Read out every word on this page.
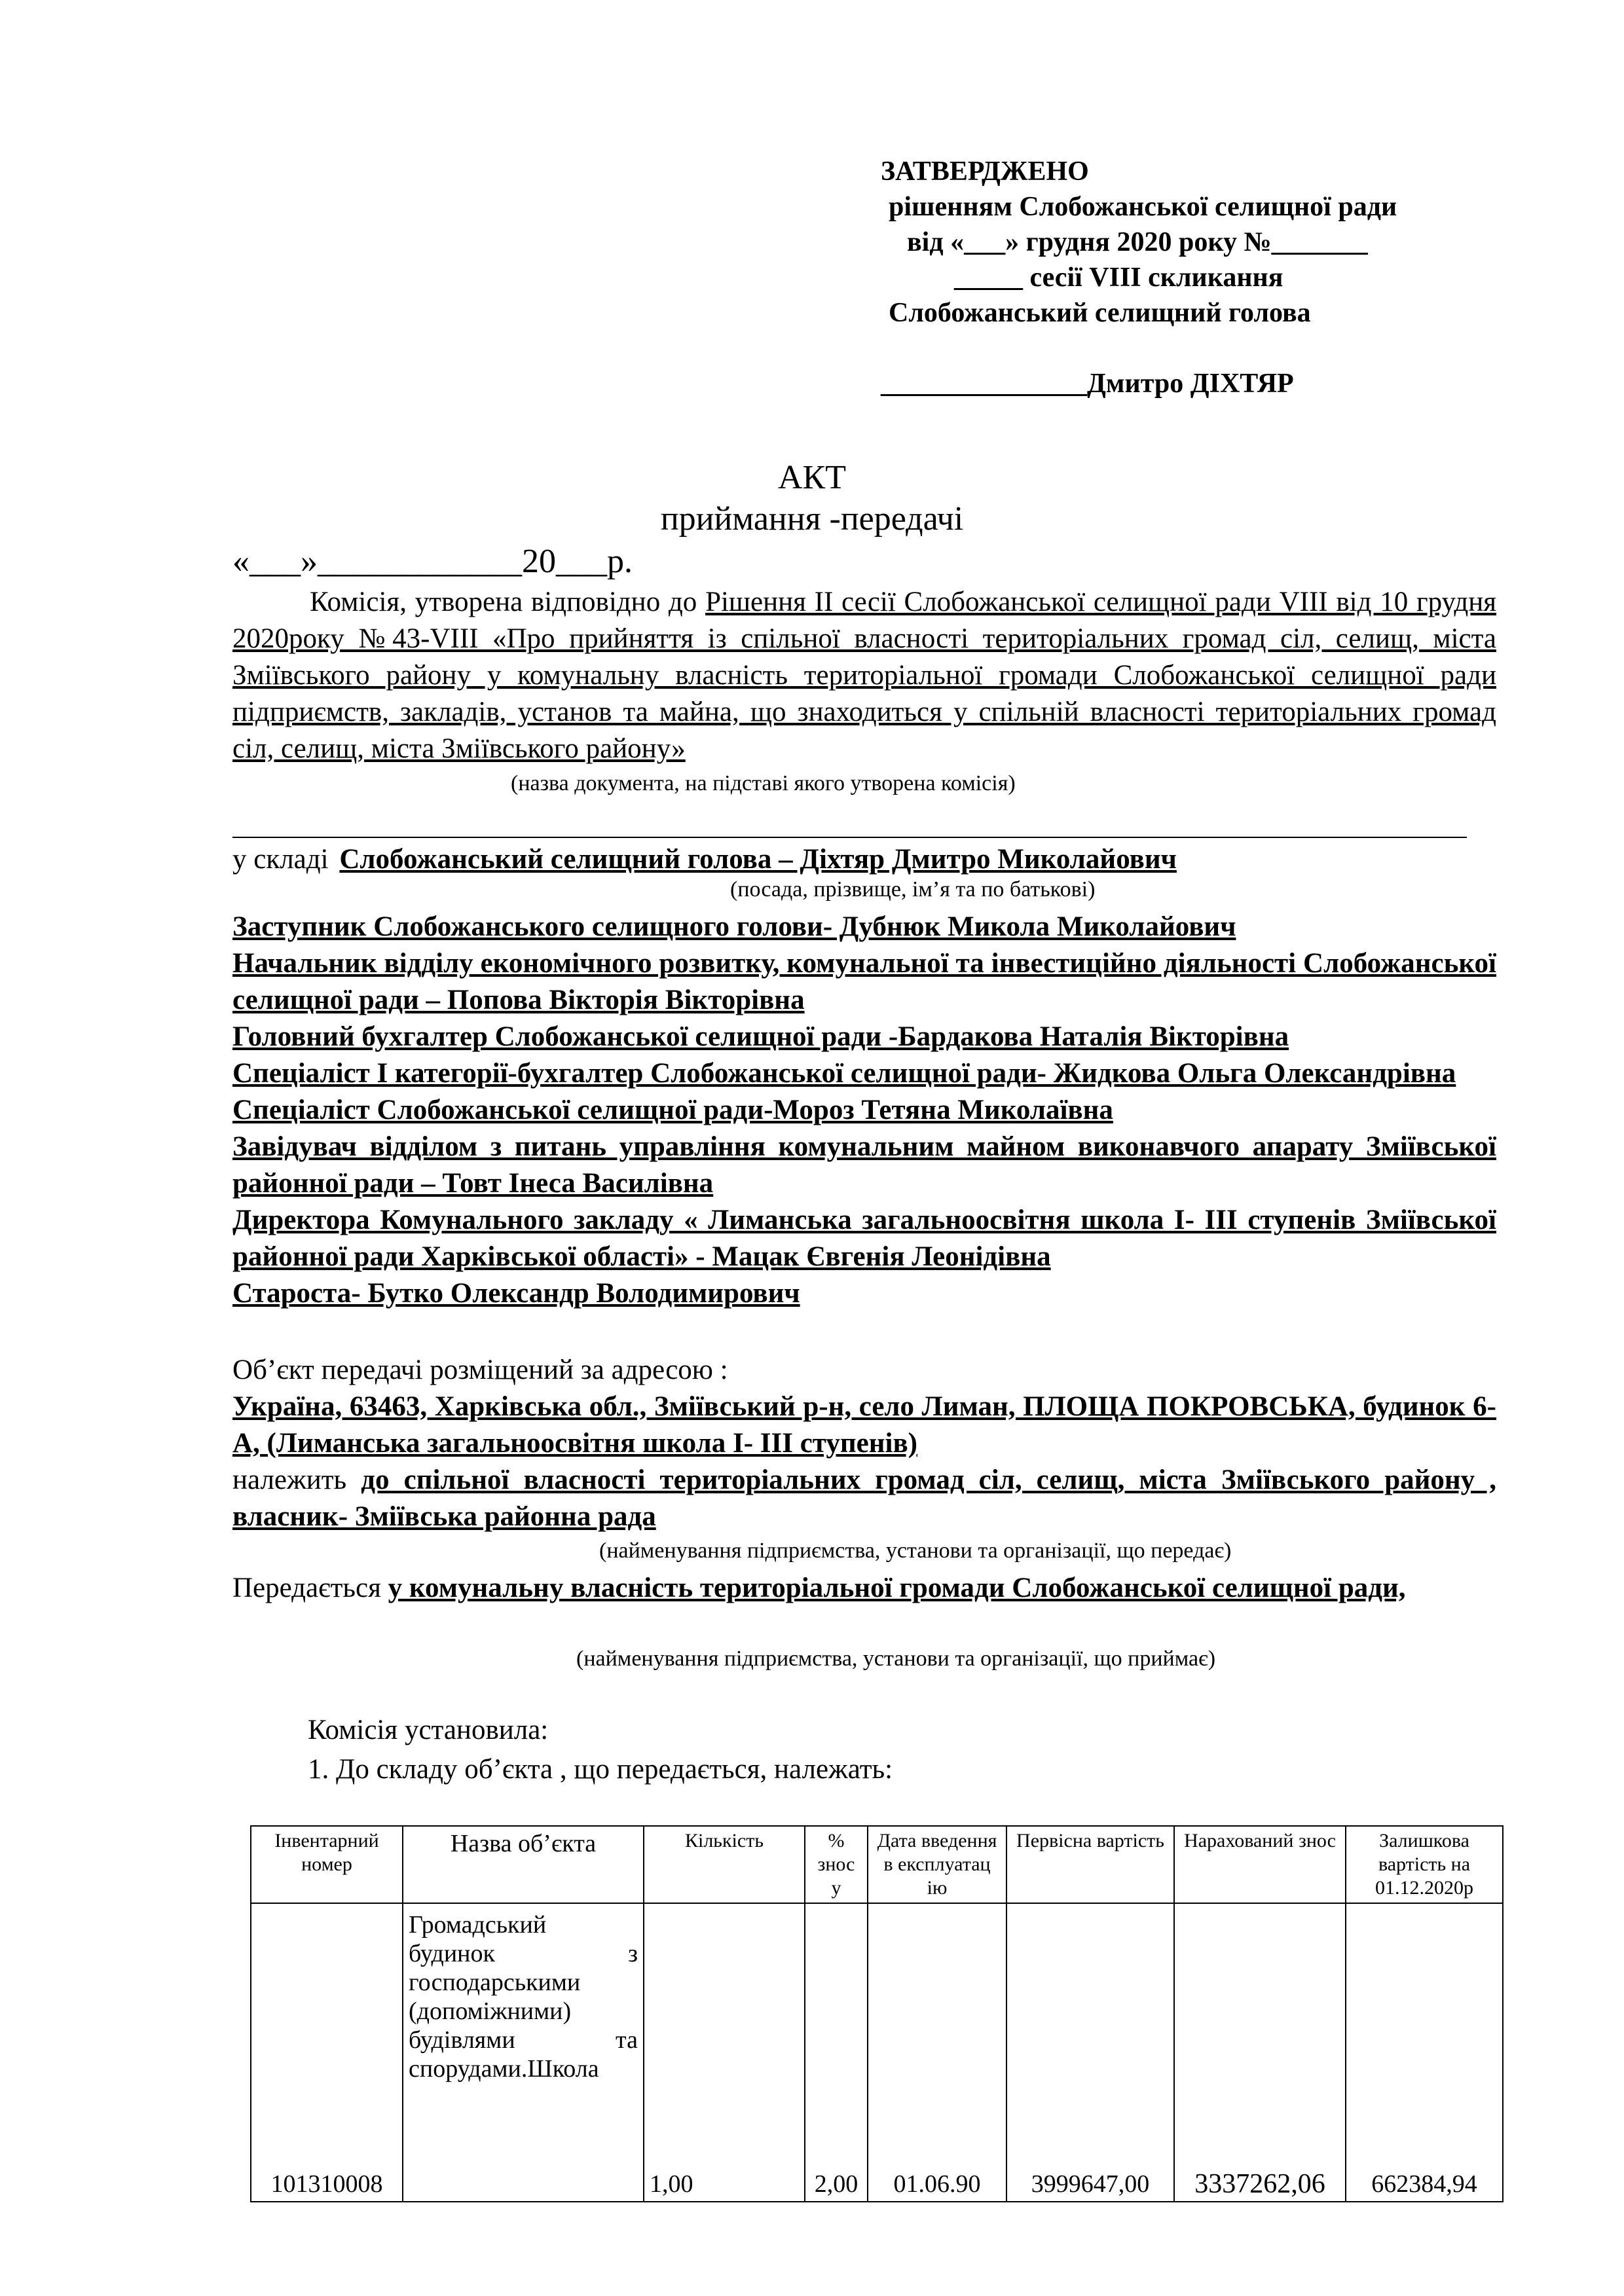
ЗАТВЕРДЖЕНО
рішенням Слобожанської селищної ради
від «___» грудня 2020 року №_______
_____ сесії VIII скликання
Слобожанський селищний голова
_______________Дмитро ДІХТЯР
АКТ
приймання -передачі
«___»____________20___р.
Комісія, утворена відповідно до Рішення II сесії Слобожанської селищної ради VIII від 10 грудня 2020року №43-VIII «Про прийняття із спільної власності територіальних громад сіл, селищ, міста Зміївського району у комунальну власність територіальної громади Слобожанської селищної ради підприємств, закладів, установ та майна, що знаходиться у спільній власності територіальних громад сіл, селищ, міста Зміївського району»
(назва документа, на підставі якого утворена комісія)
у складі Слобожанський селищний голова – Діхтяр Дмитро Миколайович
(посада, прізвище, ім’я та по батькові)
Заступник Слобожанського селищного голови- Дубнюк Микола Миколайович
Начальник відділу економічного розвитку, комунальної та інвестиційно діяльності Слобожанської селищної ради – Попова Вікторія Вікторівна
Головний бухгалтер Слобожанської селищної ради -Бардакова Наталія Вікторівна
Спеціаліст І категорії-бухгалтер Слобожанської селищної ради- Жидкова Ольга Олександрівна
Спеціаліст Слобожанської селищної ради-Мороз Тетяна Миколаївна
Завідувач відділом з питань управління комунальним майном виконавчого апарату Зміївської районної ради – Товт Інеса Василівна
Директора Комунального закладу « Лиманська загальноосвітня школа І- ІІІ ступенів Зміївської районної ради Харківської області» - Мацак Євгенія Леонідівна
Староста- Бутко Олександр Володимирович
Об’єкт передачі розміщений за адресою :
Україна, 63463, Харківська обл., Зміївський р-н, село Лиман, ПЛОЩА ПОКРОВСЬКА, будинок 6- А, (Лиманська загальноосвітня школа І- ІІІ ступенів)
належить до спільної власності територіальних громад сіл, селищ, міста Зміївського району , власник- Зміївська районна рада
(найменування підприємства, установи та організації, що передає)
Передається у комунальну власність територіальної громади Слобожанської селищної ради,
(найменування підприємства, установи та організації, що приймає)
Комісія установила:
1. До складу об’єкта , що передається, належать:
Інвентарний номер	Назва об’єкта	Кількість	% знос у	Дата введення в експлуатац ію	Первісна вартість	Нарахований знос	Залишкова вартість на 01.12.2020р
101310008	Громадський будинок з господарськими (допоміжними) будівлями та спорудами.Школа	1,00	2,00	01.06.90	3999647,00	3337262,06	662384,94
